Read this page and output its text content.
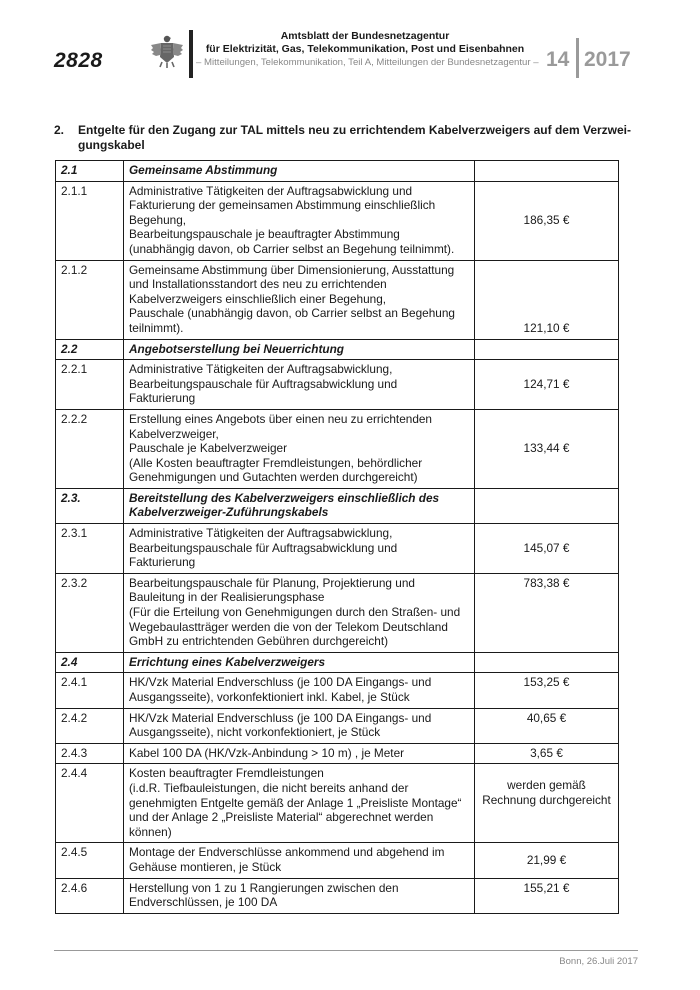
2828
Amtsblatt der Bundesnetzagentur
für Elektrizität, Gas, Telekommunikation, Post und Eisenbahnen
– Mitteilungen, Telekommunikation, Teil A, Mitteilungen der Bundesnetzagentur – 14 2017
2. Entgelte für den Zugang zur TAL mittels neu zu errichtendem Kabelverzweigers auf dem Verzwei-
gungskabel
2.1	Gemeinsame Abstimmung	

2.1.1	Administrative Tätigkeiten der Auftragsabwicklung und
Fakturierung der gemeinsamen Abstimmung einschließlich
Begehung,
Bearbeitungspauschale je beauftragter Abstimmung
(unabhängig davon, ob Carrier selbst an Begehung teilnimmt).	186,35 €
2.1.2	Gemeinsame Abstimmung über Dimensionierung, Ausstattung
und Installationsstandort des neu zu errichtenden
Kabelverzweigers einschließlich einer Begehung,
Pauschale (unabhängig davon, ob Carrier selbst an Begehung
teilnimmt).	121,10 €
2.2	Angebotserstellung bei Neuerrichtung	

2.2.1	Administrative Tätigkeiten der Auftragsabwicklung,
Bearbeitungspauschale für Auftragsabwicklung und
Fakturierung	124,71 €
2.2.2	Erstellung eines Angebots über einen neu zu errichtenden
Kabelverzweiger,
Pauschale je Kabelverzweiger
(Alle Kosten beauftragter Fremdleistungen, behördlicher
Genehmigungen und Gutachten werden durchgereicht)	133,44 €
2.3.	Bereitstellung des Kabelverzweigers einschließlich des
Kabelverzweiger-Zuführungskabels	

2.3.1	Administrative Tätigkeiten der Auftragsabwicklung,
Bearbeitungspauschale für Auftragsabwicklung und
Fakturierung	145,07 €
2.3.2	Bearbeitungspauschale für Planung, Projektierung und
Bauleitung in der Realisierungsphase
(Für die Erteilung von Genehmigungen durch den Straßen- und
Wegebaulastträger werden die von der Telekom Deutschland
GmbH zu entrichtenden Gebühren durchgereicht)	783,38 €
2.4	Errichtung eines Kabelverzweigers	

2.4.1	HK/Vzk Material Endverschluss (je 100 DA Eingangs- und
Ausgangsseite), vorkonfektioniert inkl. Kabel, je Stück	153,25 €
2.4.2	HK/Vzk Material Endverschluss (je 100 DA Eingangs- und
Ausgangsseite), nicht vorkonfektioniert, je Stück	40,65 €
2.4.3	Kabel 100 DA (HK/Vzk-Anbindung > 10 m) , je Meter	3,65 €
2.4.4	Kosten beauftragter Fremdleistungen
(i.d.R. Tiefbauleistungen, die nicht bereits anhand der
genehmigten Entgelte gemäß der Anlage 1 „Preisliste Montage“
und der Anlage 2 „Preisliste Material“ abgerechnet werden
können)	werden gemäß
Rechnung durchgereicht

2.4.5	Montage der Endverschlüsse ankommend und abgehend im
Gehäuse montieren, je Stück	21,99 €
2.4.6	Herstellung von 1 zu 1 Rangierungen zwischen den
Endverschlüssen, je 100 DA	155,21 €
Bonn, 26.Juli 2017
